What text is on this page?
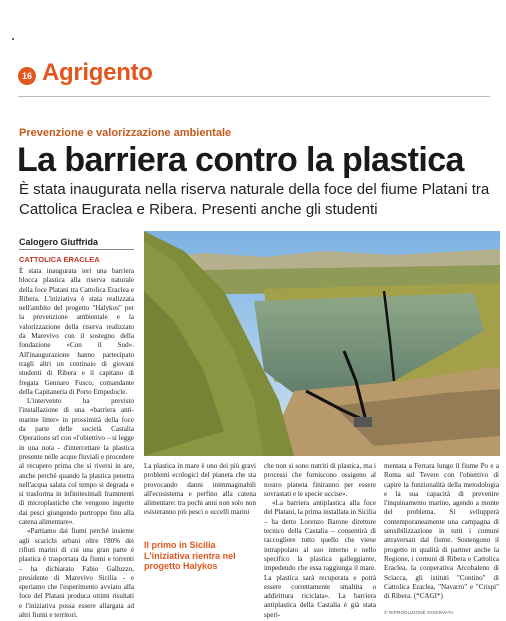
16 Agrigento
Prevenzione e valorizzazione ambientale
La barriera contro la plastica
È stata inaugurata nella riserva naturale della foce del fiume Platani tra Cattolica Eraclea e Ribera. Presenti anche gli studenti
Calogero Giuffrida
CATTOLICA ERACLEA

È stata inaugurata ieri una barriera blocca plastica alla riserva naturale della foce Platani tra Cattolica Eraclea e Ribera. L'iniziativa è stata realizzata nell'ambito del progetto "Halykos" per la prevenzione ambientale e la valorizzazione della riserva realizzato da Marevivo con il sostegno della fondazione «Con il Sud». All'inaugurazione hanno partecipato tragli altri un centinaio di giovani studenti di Ribera e il capitano di fregata Gennaro Fusco, comandante della Capitaneria di Porto Empedocle.

L'intervento ha previsto l'installazione di una «barriera anti-marine litter» in prossimità della foce da parte delle società Castalia Operations srl con «l'obiettivo – si legge in una nota - d'intercettare la plastica presente nelle acque fluviali e procedere al recupero prima che si riversi in are, anche perché quando la plastica penetra nell'acqua salata col tempo si degrada e si trasforma in infinitesimali frammenti di microplastiche che vengono ingerite dai pesci giungendo purtroppo fino alla catena alimentare».

«Partiamo dai fiumi perché insieme agli scarichi urbani oltre l'80% dei rifiuti marini di cui una gran parte è plastica è trasportata da fiumi e torrenti – ha dichiarato Fabio Galluzzo, presidente di Marevivo Sicilia - e speriamo che l'esperimento avviato alla foce del Platani produca ottimi risultati e l'iniziativa possa essere allargata ad altri fiumi e territori.

La plastica in mare è uno dei più gravi problemi ecologici del pianeta che sta provocando danni inimmaginabili all'ecosistema e perfino alla catena alimentare: tra pochi anni non solo non esisteranno più pesci o uccelli marini

Il primo in Sicilia L'iniziativa rientra nel progetto Halykos

che non si sono nutriti di plastica, ma i processi che forniscono ossigeno al nostro pianeta finiranno per essere sovrastati e le specie uccise».

«La barriera antiplastica alla foce del Platani, la prima installata in Sicilia – ha detto Lorenzo Barone direttore tecnico della Castalia – consentirà di raccogliere tutto quello che viene intrappolato al suo interno e nello specifico la plastica galleggiante, impedendo che essa raggiunga il mare. La plastica sarà recuperata e potrà essere correttamente smaltita o addirittura riciclata». La barriera antiplastica della Castalia è già stata speri-

mentata a Ferrara lungo il fiume Po e a Roma sul Tevere con l'obiettivo di capire la funzionalità della metodologia e la sua capacità di prevenire l'inquinamento marino, agendo a monte del problema. Si svilupperà contemporaneamente una campagna di sensibilizzazione in tutti i comuni attraversati dal fiume. Sostengono il progetto in qualità di partner anche la Regione, i comuni di Ribera e Cattolica Eraclea, la cooperativa Arcobaleno di Sciacca, gli istituti "Contino" di Cattolica Eraclea, "Navarro" e "Crispi" di Ribera. (*CAGI*)

© RIPRODUZIONE RISERVATA
